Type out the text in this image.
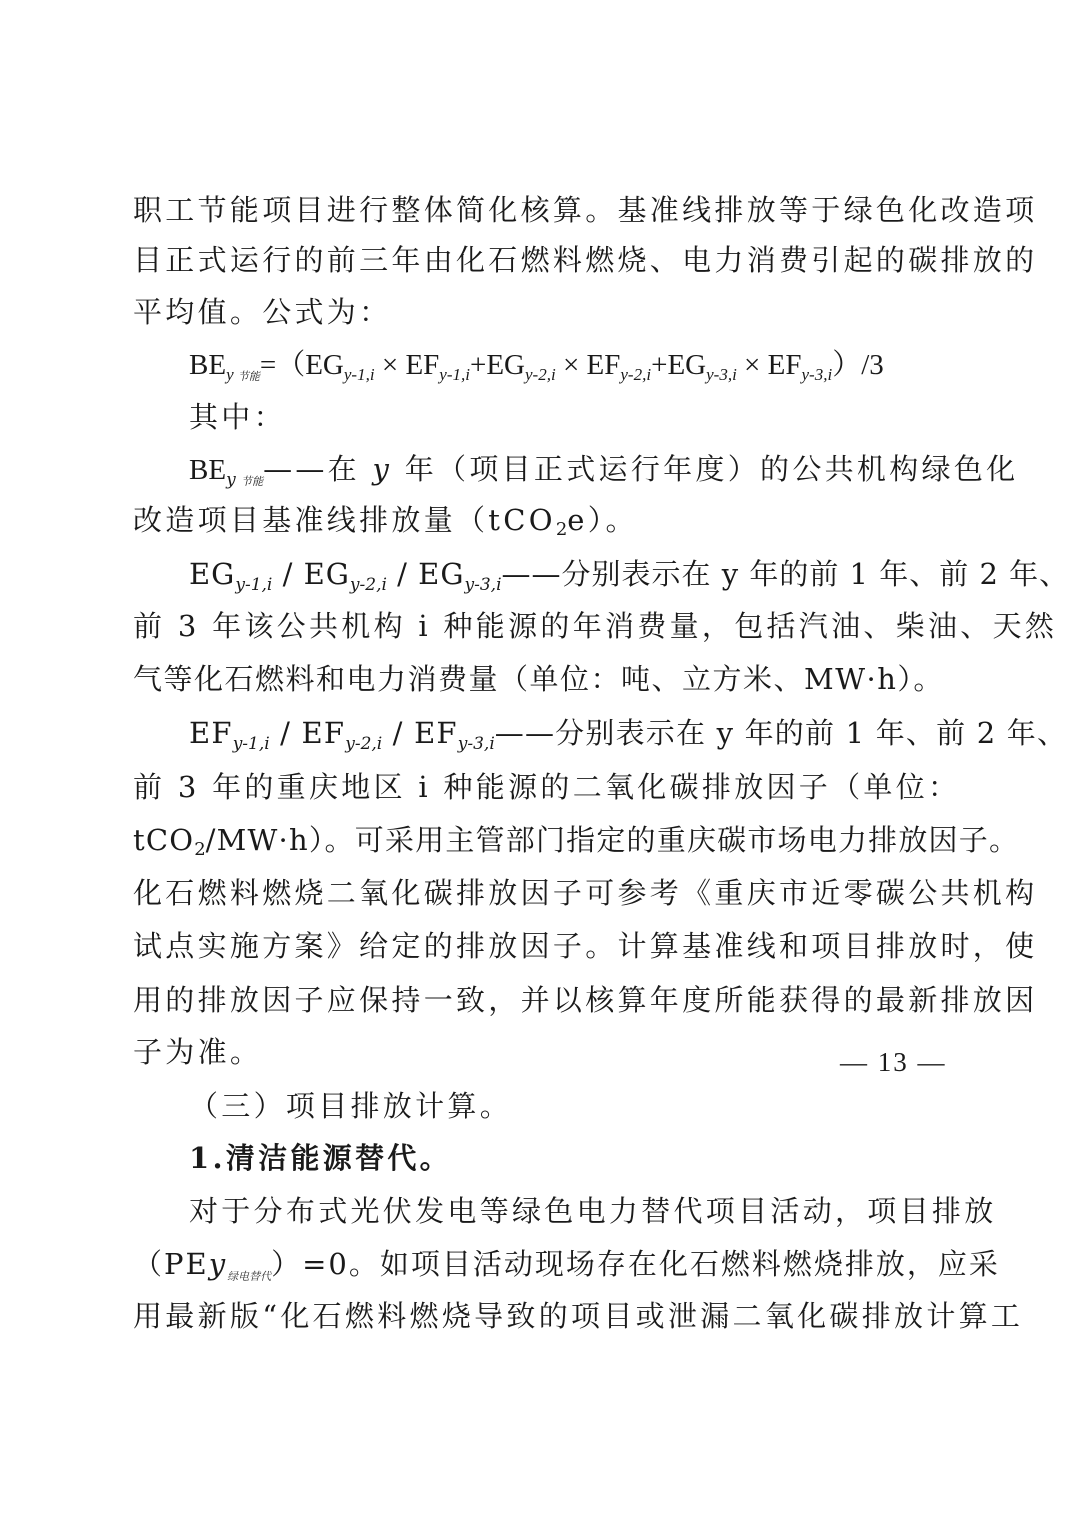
职工节能项目进行整体简化核算。基准线排放等于绿色化改造项

目正式运行的前三年由化石燃料燃烧、电力消费引起的碳排放的

平均值。公式为：

$BE_{y 节能}=(EG_{y-1,i} \times EF_{y-1,i}+EG_{y-2,i} \times EF_{y-2,i}+EG_{y-3,i} \times EF_{y-3,i})/3$

其中：

$BE_{y 节能}——$在 y 年（项目正式运行年度）的公共机构绿色化

改造项目基准线排放量（tCO2e）。

$EG_{y-1,i} / EG_{y-2,i}$ / $EG_{y-3,i}——$分别表示在 y 年的前 1 年、前 2 年、

前 3 年该公共机构 i 种能源的年消费量，包括汽油、柴油、天然

气等化石燃料和电力消费量（单位：吨、立方米、MW·h）。

$EF_{y-1,i} / EF_{y-2,i}$ / $EF_{y-3,i}——$分别表示在 y 年的前 1 年、前 2 年、

前 3 年的重庆地区 i 种能源的二氧化碳排放因子（单位：

tCO2/MW·h）。可采用主管部门指定的重庆碳市场电力排放因子。

化石燃料燃烧二氧化碳排放因子可参考《重庆市近零碳公共机构

试点实施方案》给定的排放因子。计算基准线和项目排放时，使

用的排放因子应保持一致，并以核算年度所能获得的最新排放因

子为准。

（三）项目排放计算。

1.清洁能源替代。

对于分布式光伏发电等绿色电力替代项目活动，项目排放

（PEy$_{绿电替代}$）=0。如项目活动现场存在化石燃料燃烧排放，应采

用最新版“化石燃料燃烧导致的项目或泄漏二氧化碳排放计算工

— 13 —
